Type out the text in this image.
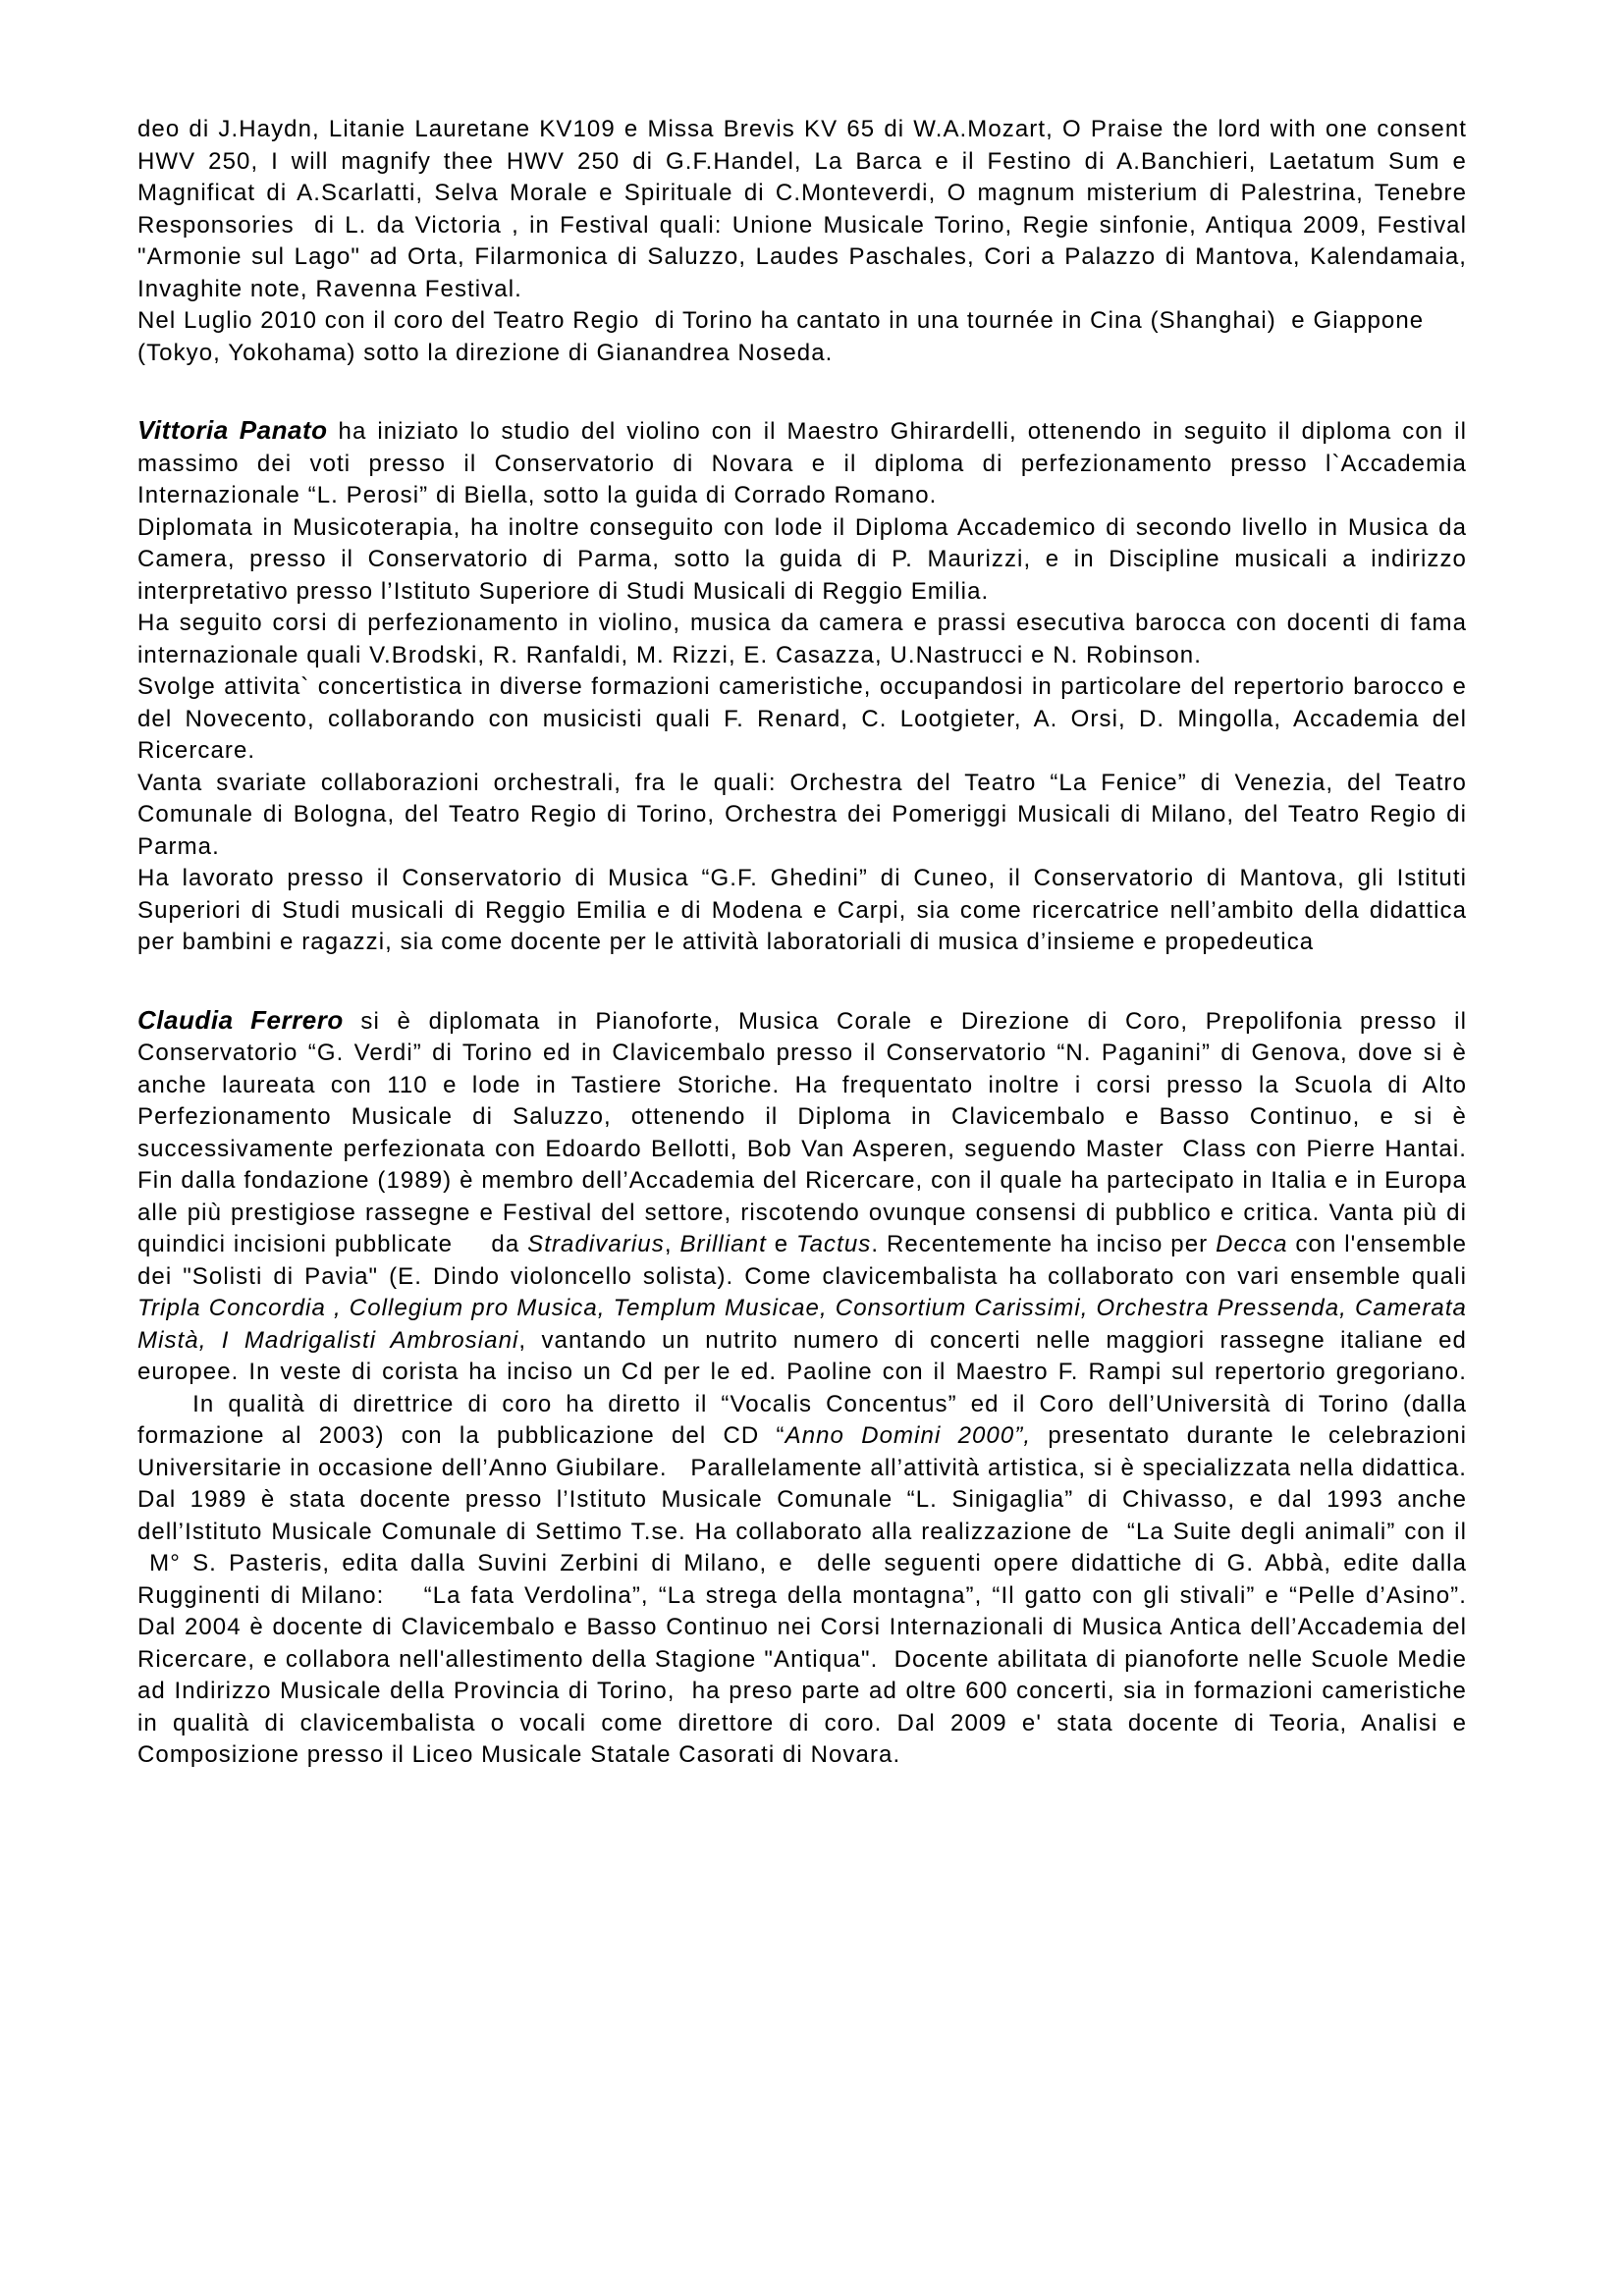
deo di J.Haydn, Litanie Lauretane KV109 e Missa Brevis KV 65 di W.A.Mozart, O Praise the lord with one consent HWV 250, I will magnify thee HWV 250 di G.F.Handel, La Barca e il Festino di A.Banchieri, Laetatum Sum e Magnificat di A.Scarlatti, Selva Morale e Spirituale di C.Monteverdi, O magnum misterium di Palestrina, Tenebre Responsories  di L. da Victoria , in Festival quali: Unione Musicale Torino, Regie sinfonie, Antiqua 2009, Festival "Armonie sul Lago" ad Orta, Filarmonica di Saluzzo, Laudes Paschales, Cori a Palazzo di Mantova, Kalendamaia, Invaghite note, Ravenna Festival.

Nel Luglio 2010 con il coro del Teatro Regio  di Torino ha cantato in una tournée in Cina (Shanghai)  e Giappone (Tokyo, Yokohama) sotto la direzione di Gianandrea Noseda.

Vittoria Panato ha iniziato lo studio del violino con il Maestro Ghirardelli, ottenendo in seguito il diploma con il massimo dei voti presso il Conservatorio di Novara e il diploma di perfezionamento presso l`Accademia Internazionale “L. Perosi” di Biella, sotto la guida di Corrado Romano.

Diplomata in Musicoterapia, ha inoltre conseguito con lode il Diploma Accademico di secondo livello in Musica da Camera, presso il Conservatorio di Parma, sotto la guida di P. Maurizzi, e in Discipline musicali a indirizzo interpretativo presso l’Istituto Superiore di Studi Musicali di Reggio Emilia.

Ha seguito corsi di perfezionamento in violino, musica da camera e prassi esecutiva barocca con docenti di fama internazionale quali V.Brodski, R. Ranfaldi, M. Rizzi, E. Casazza, U.Nastrucci e N. Robinson.

Svolge attivita` concertistica in diverse formazioni cameristiche, occupandosi in particolare del repertorio barocco e del Novecento, collaborando con musicisti quali F. Renard, C. Lootgieter, A. Orsi, D. Mingolla, Accademia del Ricercare.

Vanta svariate collaborazioni orchestrali, fra le quali: Orchestra del Teatro “La Fenice” di Venezia, del Teatro Comunale di Bologna, del Teatro Regio di Torino, Orchestra dei Pomeriggi Musicali di Milano, del Teatro Regio di Parma.

Ha lavorato presso il Conservatorio di Musica “G.F. Ghedini” di Cuneo, il Conservatorio di Mantova, gli Istituti Superiori di Studi musicali di Reggio Emilia e di Modena e Carpi, sia come ricercatrice nell’ambito della didattica per bambini e ragazzi, sia come docente per le attività laboratoriali di musica d’insieme e propedeutica

Claudia Ferrero si è diplomata in Pianoforte, Musica Corale e Direzione di Coro, Prepolifonia presso il Conservatorio “G. Verdi” di Torino ed in Clavicembalo presso il Conservatorio “N. Paganini” di Genova, dove si è anche laureata con 110 e lode in Tastiere Storiche. Ha frequentato inoltre i corsi presso la Scuola di Alto Perfezionamento Musicale di Saluzzo, ottenendo il Diploma in Clavicembalo e Basso Continuo, e si è successivamente perfezionata con Edoardo Bellotti, Bob Van Asperen, seguendo Master  Class con Pierre Hantai. Fin dalla fondazione (1989) è membro dell’Accademia del Ricercare, con il quale ha partecipato in Italia e in Europa alle più prestigiose rassegne e Festival del settore, riscotendo ovunque consensi di pubblico e critica. Vanta più di quindici incisioni pubblicate     da Stradivarius, Brilliant e Tactus. Recentemente ha inciso per Decca con l'ensemble dei "Solisti di Pavia" (E. Dindo violoncello solista). Come clavicembalista ha collaborato con vari ensemble quali Tripla Concordia , Collegium pro Musica, Templum Musicae, Consortium Carissimi, Orchestra Pressenda, Camerata Mistà, I Madrigalisti Ambrosiani, vantando un nutrito numero di concerti nelle maggiori rassegne italiane ed europee. In veste di corista ha inciso un Cd per le ed. Paoline con il Maestro F. Rampi sul repertorio gregoriano.     In qualità di direttrice di coro ha diretto il “Vocalis Concentus” ed il Coro dell’Università di Torino (dalla formazione al 2003) con la pubblicazione del CD “Anno Domini 2000”, presentato durante le celebrazioni Universitarie in occasione dell’Anno Giubilare.   Parallelamente all’attività artistica, si è specializzata nella didattica. Dal 1989 è stata docente presso l’Istituto Musicale Comunale “L. Sinigaglia” di Chivasso, e dal 1993 anche dell’Istituto Musicale Comunale di Settimo T.se. Ha collaborato alla realizzazione de  “La Suite degli animali” con il  M° S. Pasteris, edita dalla Suvini Zerbini di Milano, e  delle seguenti opere didattiche di G. Abbà, edite dalla Rugginenti di Milano:    “La fata Verdolina”, “La strega della montagna”, “Il gatto con gli stivali” e “Pelle d’Asino”. Dal 2004 è docente di Clavicembalo e Basso Continuo nei Corsi Internazionali di Musica Antica dell’Accademia del Ricercare, e collabora nell'allestimento della Stagione "Antiqua".  Docente abilitata di pianoforte nelle Scuole Medie ad Indirizzo Musicale della Provincia di Torino,  ha preso parte ad oltre 600 concerti, sia in formazioni cameristiche in qualità di clavicembalista o vocali come direttore di coro. Dal 2009 e' stata docente di Teoria, Analisi e Composizione presso il Liceo Musicale Statale Casorati di Novara.
